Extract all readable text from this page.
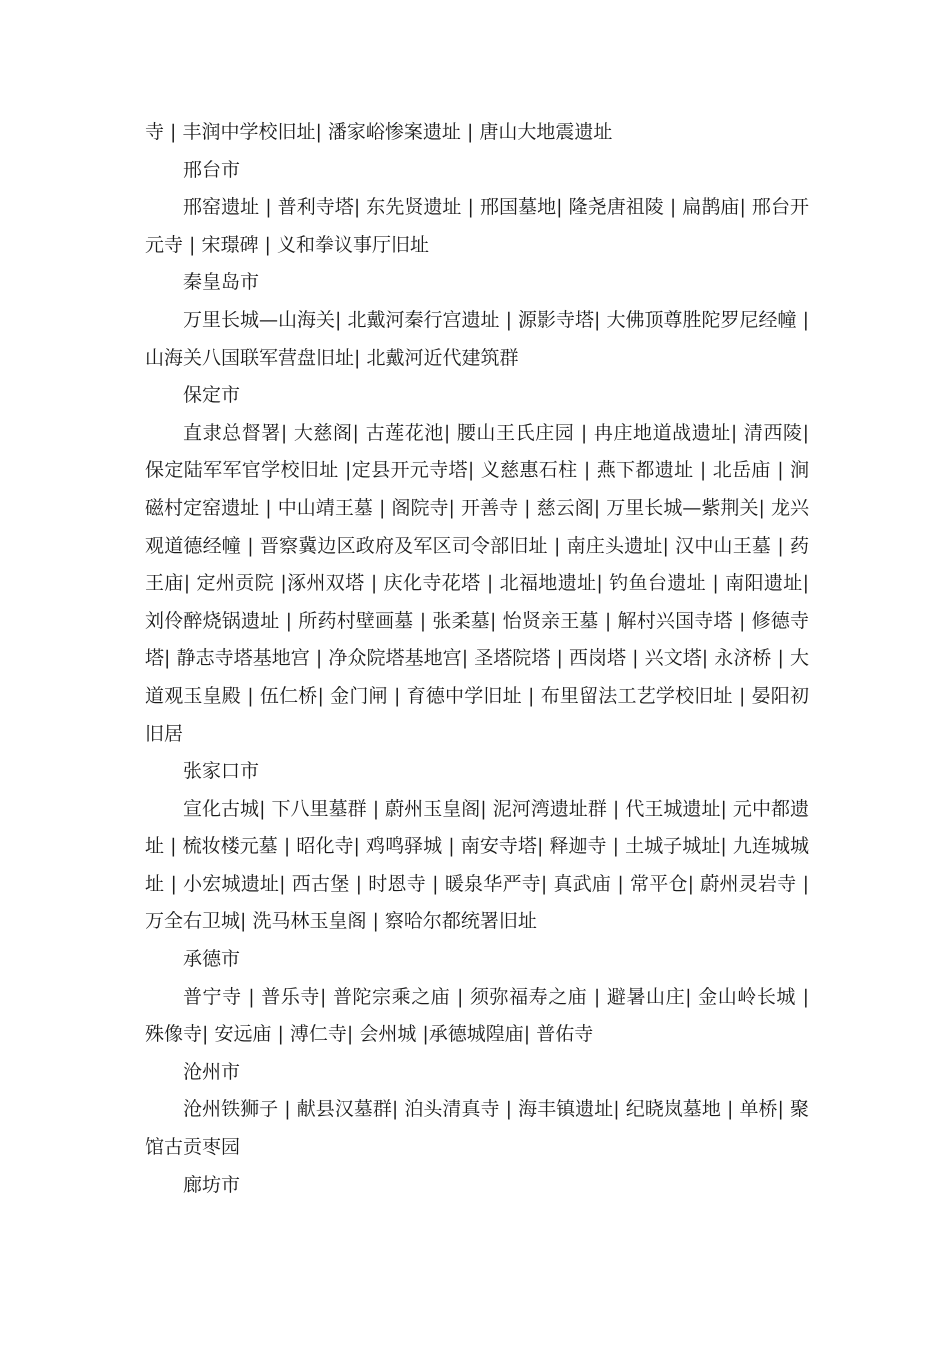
寺 | 丰润中学校旧址| 潘家峪惨案遗址 | 唐山大地震遗址

邢台市

邢窑遗址 | 普利寺塔| 东先贤遗址 | 邢国墓地| 隆尧唐祖陵 | 扁鹊庙| 邢台开元寺 | 宋璟碑 | 义和拳议事厅旧址

秦皇岛市

万里长城—山海关| 北戴河秦行宫遗址 | 源影寺塔| 大佛顶尊胜陀罗尼经幢 | 山海关八国联军营盘旧址| 北戴河近代建筑群

保定市

直隶总督署| 大慈阁| 古莲花池| 腰山王氏庄园 | 冉庄地道战遗址| 清西陵| 保定陆军军官学校旧址 |定县开元寺塔| 义慈惠石柱 | 燕下都遗址 | 北岳庙 | 涧磁村定窑遗址 | 中山靖王墓 | 阁院寺| 开善寺 | 慈云阁| 万里长城—紫荆关| 龙兴观道德经幢 | 晋察冀边区政府及军区司令部旧址 | 南庄头遗址| 汉中山王墓 | 药王庙| 定州贡院 |涿州双塔 | 庆化寺花塔 | 北福地遗址| 钓鱼台遗址 | 南阳遗址| 刘伶醉烧锅遗址 | 所药村壁画墓 | 张柔墓| 怡贤亲王墓 | 解村兴国寺塔 | 修德寺塔| 静志寺塔基地宫 | 净众院塔基地宫| 圣塔院塔 | 西岗塔 | 兴文塔| 永济桥 | 大道观玉皇殿 | 伍仁桥| 金门闸 | 育德中学旧址 | 布里留法工艺学校旧址 | 晏阳初旧居

张家口市

宣化古城| 下八里墓群 | 蔚州玉皇阁| 泥河湾遗址群 | 代王城遗址| 元中都遗址 | 梳妆楼元墓 | 昭化寺| 鸡鸣驿城 | 南安寺塔| 释迦寺 | 土城子城址| 九连城城址 | 小宏城遗址| 西古堡 | 时恩寺 | 暖泉华严寺| 真武庙 | 常平仓| 蔚州灵岩寺 | 万全右卫城| 洗马林玉皇阁 | 察哈尔都统署旧址

承德市

普宁寺 | 普乐寺| 普陀宗乘之庙 | 须弥福寿之庙 | 避暑山庄| 金山岭长城 | 殊像寺| 安远庙 | 溥仁寺| 会州城 |承德城隍庙| 普佑寺

沧州市

沧州铁狮子 | 献县汉墓群| 泊头清真寺 | 海丰镇遗址| 纪晓岚墓地 | 单桥| 聚馆古贡枣园

廊坊市
